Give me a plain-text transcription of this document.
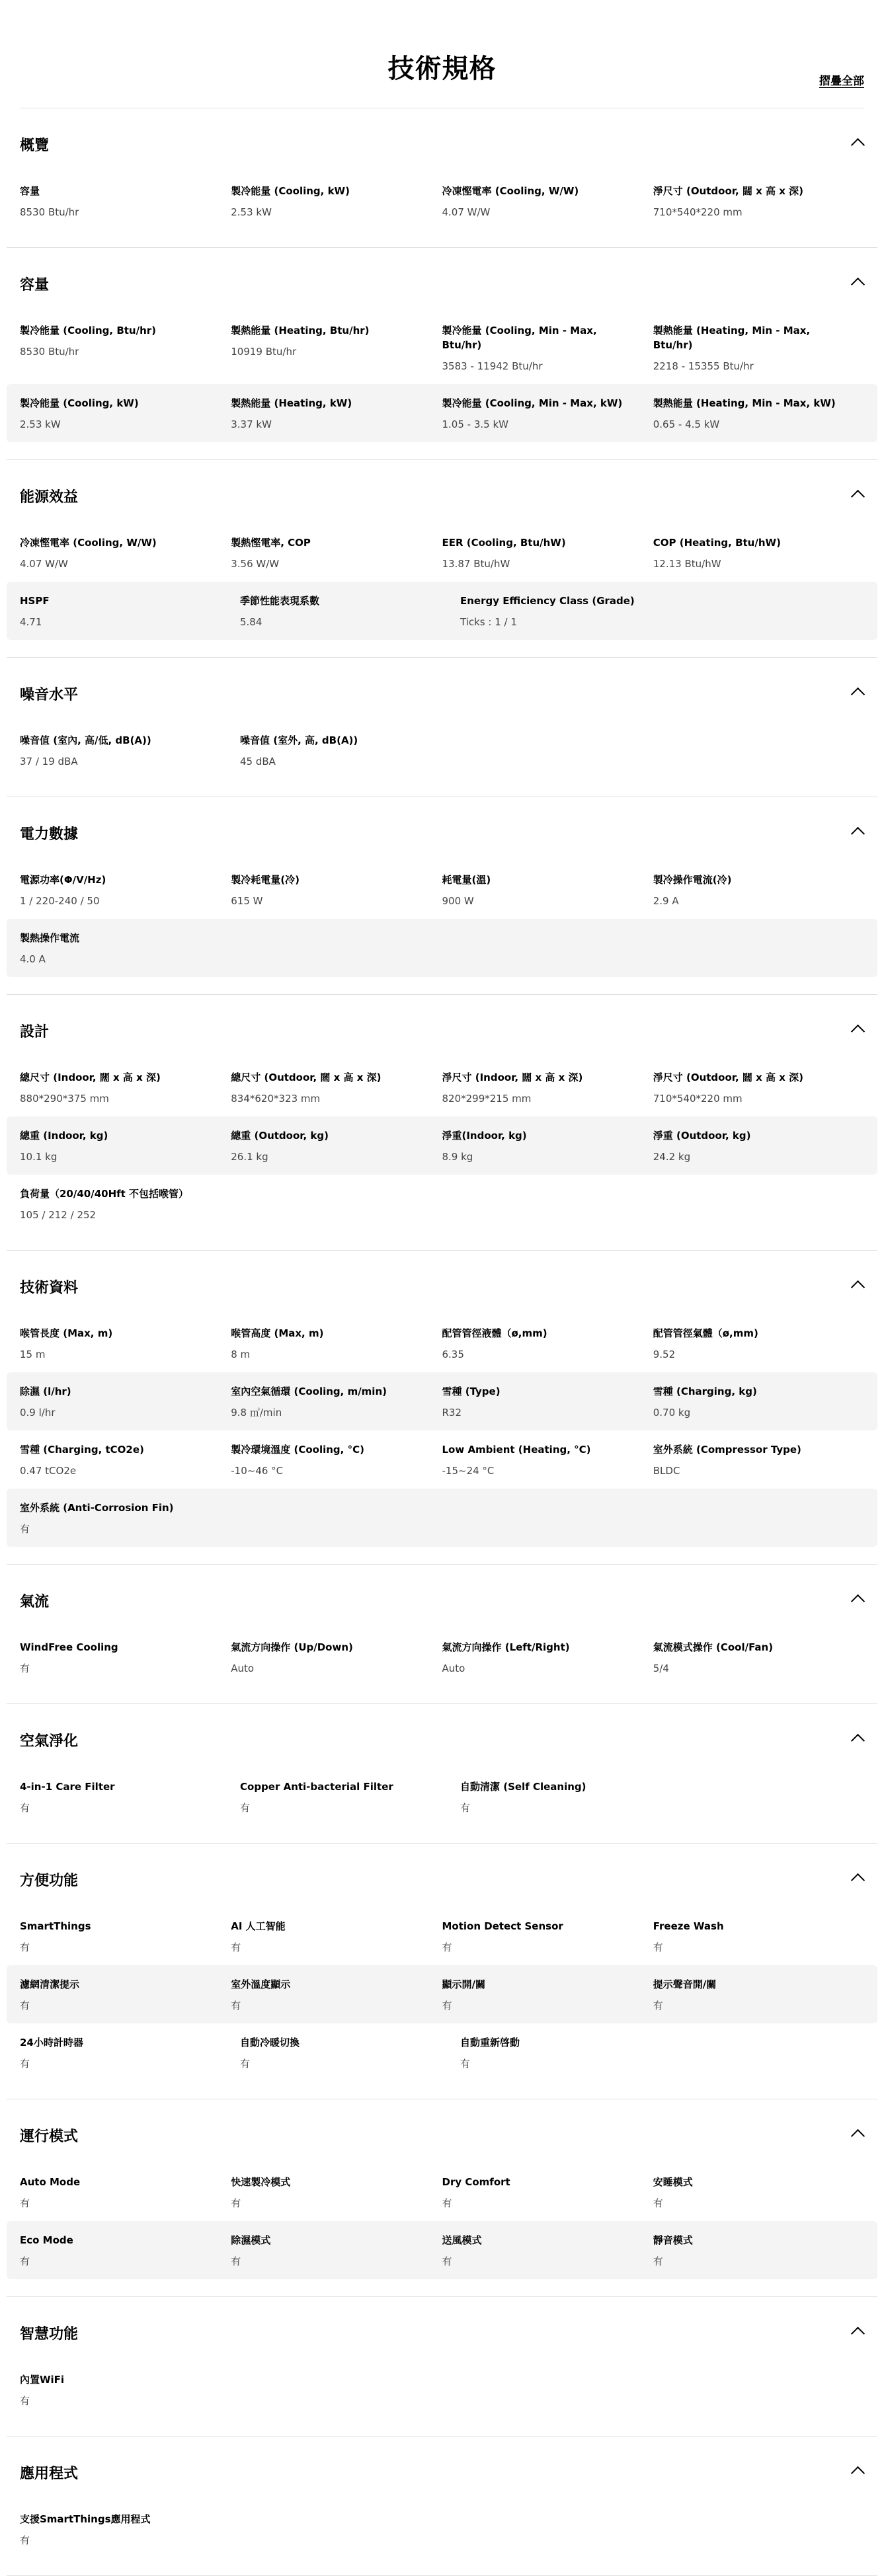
技術規格	摺疊全部
概覽
容量
8530 Btu/hr
製冷能量 (Cooling, kW)
2.53 kW
冷凍慳電率 (Cooling, W/W)
4.07 W/W
淨尺寸 (Outdoor, 闊 x 高 x 深)
710*540*220 mm
容量
製冷能量 (Cooling, Btu/hr)
8530 Btu/hr
製熱能量 (Heating, Btu/hr)
10919 Btu/hr
製冷能量 (Cooling, Min - Max, Btu/hr)
3583 - 11942 Btu/hr
製熱能量 (Heating, Min - Max, Btu/hr)
2218 - 15355 Btu/hr
製冷能量 (Cooling, kW)
2.53 kW
製熱能量 (Heating, kW)
3.37 kW
製冷能量 (Cooling, Min - Max, kW)
1.05 - 3.5 kW
製熱能量 (Heating, Min - Max, kW)
0.65 - 4.5 kW
能源效益
冷凍慳電率 (Cooling, W/W)
4.07 W/W
製熱慳電率, COP
3.56 W/W
EER (Cooling, Btu/hW)
13.87 Btu/hW
COP (Heating, Btu/hW)
12.13 Btu/hW
HSPF
4.71
季節性能表現系數
5.84
Energy Efficiency Class (Grade)
Ticks : 1 / 1
噪音水平
噪音值 (室內, 高/低, dB(A))
37 / 19 dBA
噪音值 (室外, 高, dB(A))
45 dBA
電力數據
電源功率(Φ/V/Hz)
1 / 220-240 / 50
製冷耗電量(冷)
615 W
耗電量(溫)
900 W
製冷操作電流(冷)
2.9 A
製熱操作電流
4.0 A
設計
總尺寸 (Indoor, 闊 x 高 x 深)
880*290*375 mm
總尺寸 (Outdoor, 闊 x 高 x 深)
834*620*323 mm
淨尺寸 (Indoor, 闊 x 高 x 深)
820*299*215 mm
淨尺寸 (Outdoor, 闊 x 高 x 深)
710*540*220 mm
總重 (Indoor, kg)
10.1 kg
總重 (Outdoor, kg)
26.1 kg
淨重(Indoor, kg)
8.9 kg
淨重 (Outdoor, kg)
24.2 kg
負荷量（20/40/40Hft 不包括喉管）
105 / 212 / 252
技術資料
喉管長度 (Max, m)
15 m
喉管高度 (Max, m)
8 m
配管管徑液體（ø,mm)
6.35
配管管徑氣體（ø,mm)
9.52
除濕 (l/hr)
0.9 l/hr
室內空氣循環 (Cooling, m/min)
9.8 ㎥/min
雪種 (Type)
R32
雪種 (Charging, kg)
0.70 kg
雪種 (Charging, tCO2e)
0.47 tCO2e
製冷環境溫度 (Cooling, °C)
-10~46 °C
Low Ambient (Heating, °C)
-15~24 °C
室外系統 (Compressor Type)
BLDC
室外系統 (Anti-Corrosion Fin)
有
氣流
WindFree Cooling
有
氣流方向操作 (Up/Down)
Auto
氣流方向操作 (Left/Right)
Auto
氣流模式操作 (Cool/Fan)
5/4
空氣淨化
4-in-1 Care Filter
有
Copper Anti-bacterial Filter
有
自動清潔 (Self Cleaning)
有
方便功能
SmartThings
有
AI 人工智能
有
Motion Detect Sensor
有
Freeze Wash
有
濾網清潔提示
有
室外溫度顯示
有
顯示開/關
有
提示聲音開/關
有
24小時計時器
有
自動冷暖切換
有
自動重新啓動
有
運行模式
Auto Mode
有
快速製冷模式
有
Dry Comfort
有
安睡模式
有
Eco Mode
有
除濕模式
有
送風模式
有
靜音模式
有
智慧功能
內置WiFi
有
應用程式
支援SmartThings應用程式
有
